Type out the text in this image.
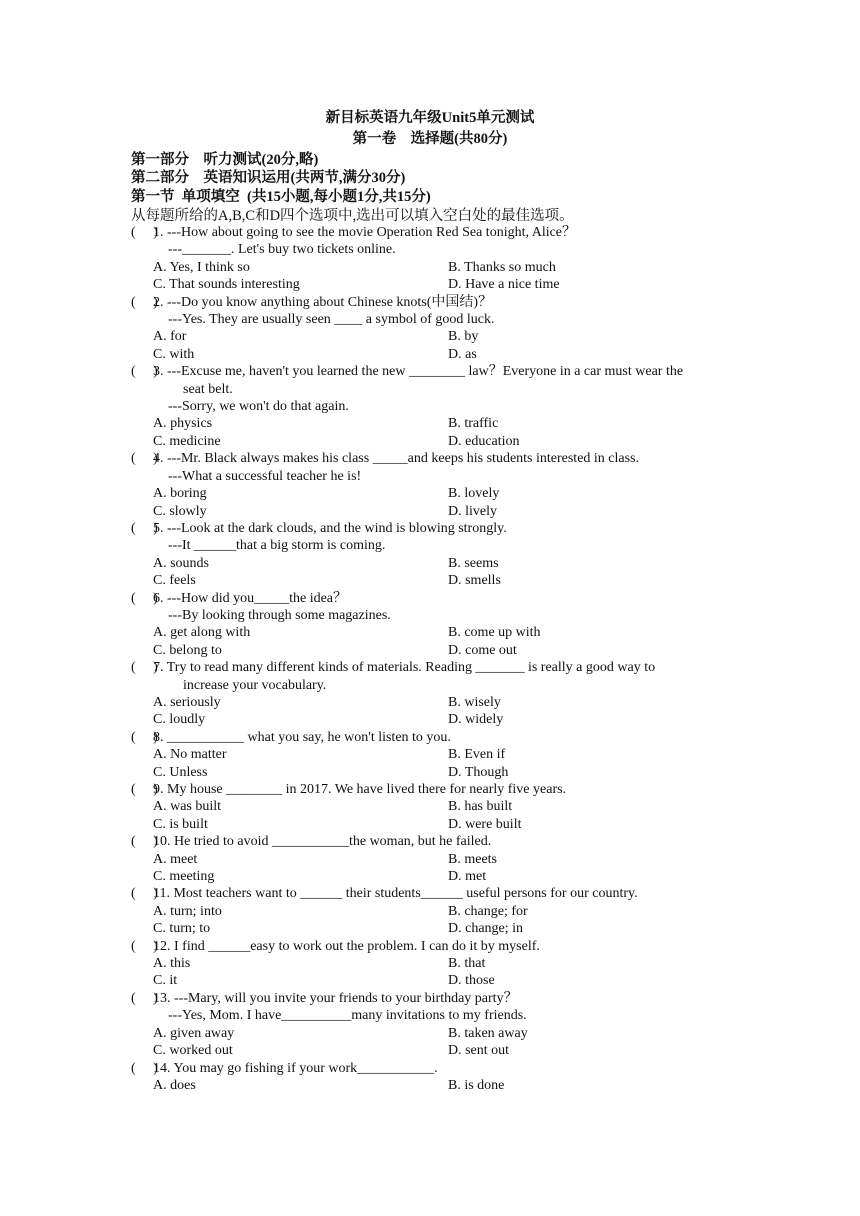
新目标英语九年级Unit5单元测试
第一卷　选择题(共80分)
第一部分　听力测试(20分,略)
第二部分　英语知识运用(共两节,满分30分)
第一节  单项填空  (共15小题,每小题1分,共15分)
从每题所给的A,B,C和D四个选项中,选出可以填入空白处的最佳选项。
(     )
1. ---How about going to see the movie Operation Red Sea tonight, Alice？
---_______. Let's buy two tickets online.
A. Yes, I think so	B. Thanks so much
C. That sounds interesting	D. Have a nice time
(     )
2. ---Do you know anything about Chinese knots(中国结)？
---Yes. They are usually seen ____ a symbol of good luck.
A. for	B. by
C. with	D. as
(     )
3. ---Excuse me, haven't you learned the new ________ law？Everyone in a car must wear the
seat belt.
---Sorry, we won't do that again.
A. physics	B. traffic
C. medicine	D. education
(     )
4. ---Mr. Black always makes his class _____and keeps his students interested in class.
---What a successful teacher he is!
A. boring	B. lovely
C. slowly	D. lively
(     )
5. ---Look at the dark clouds, and the wind is blowing strongly.
---It ______that a big storm is coming.
A. sounds	B. seems
C. feels	D. smells
(     )
6. ---How did you_____the idea？
---By looking through some magazines.
A. get along with	B. come up with
C. belong to	D. come out
(     )
7. Try to read many different kinds of materials. Reading _______ is really a good way to
increase your vocabulary.
A. seriously	B. wisely
C. loudly	D. widely
(     )
8. ___________ what you say, he won't listen to you.
A. No matter	B. Even if
C. Unless	D. Though
(     )
9. My house ________ in 2017. We have lived there for nearly five years.
A. was built	B. has built
C. is built	D. were built
(     )
10. He tried to avoid ___________the woman, but he failed.
A. meet	B. meets
C. meeting	D. met
(     )
11. Most teachers want to ______ their students______ useful persons for our country.
A. turn; into	B. change; for
C. turn; to	D. change; in
(     )
12. I find ______easy to work out the problem. I can do it by myself.
A. this	B. that
C. it	D. those
(     )
13. ---Mary, will you invite your friends to your birthday party？
---Yes, Mom. I have__________many invitations to my friends.
A. given away	B. taken away
C. worked out	D. sent out
(     )
14. You may go fishing if your work___________.
A. does	B. is done
